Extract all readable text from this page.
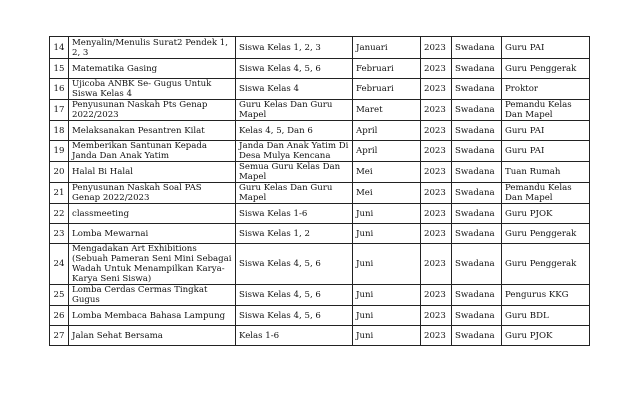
14	Menyalin/Menulis Surat2 Pendek 1, 2, 3	Siswa Kelas 1, 2, 3	Januari	2023	Swadana	Guru PAI
15	Matematika Gasing	Siswa Kelas 4, 5, 6	Februari	2023	Swadana	Guru Penggerak
16	Ujicoba ANBK Se- Gugus Untuk Siswa Kelas 4	Siswa Kelas 4	Februari	2023	Swadana	Proktor
17	Penyusunan Naskah Pts Genap 2022/2023	Guru Kelas Dan Guru Mapel	Maret	2023	Swadana	Pemandu Kelas Dan Mapel
18	Melaksanakan Pesantren Kilat	Kelas 4, 5, Dan 6	April	2023	Swadana	Guru PAI
19	Memberikan Santunan Kepada Janda Dan Anak Yatim	Janda Dan Anak Yatim Di Desa Mulya Kencana	April	2023	Swadana	Guru PAI
20	Halal Bi Halal	Semua Guru Kelas Dan Mapel	Mei	2023	Swadana	Tuan Rumah
21	Penyusunan Naskah Soal PAS Genap 2022/2023	Guru Kelas Dan Guru Mapel	Mei	2023	Swadana	Pemandu Kelas Dan Mapel
22	classmeeting	Siswa Kelas 1-6	Juni	2023	Swadana	Guru PJOK
23	Lomba Mewarnai	Siswa Kelas 1, 2	Juni	2023	Swadana	Guru Penggerak
24	Mengadakan Art Exhibitions (Sebuah Pameran Seni Mini Sebagai Wadah Untuk Menampilkan Karya-Karya Seni Siswa)	Siswa Kelas 4, 5, 6	Juni	2023	Swadana	Guru Penggerak
25	Lomba Cerdas Cermas Tingkat Gugus	Siswa Kelas 4, 5, 6	Juni	2023	Swadana	Pengurus KKG
26	Lomba Membaca Bahasa Lampung	Siswa Kelas 4, 5, 6	Juni	2023	Swadana	Guru BDL
27	Jalan Sehat Bersama	Kelas 1-6	Juni	2023	Swadana	Guru PJOK
